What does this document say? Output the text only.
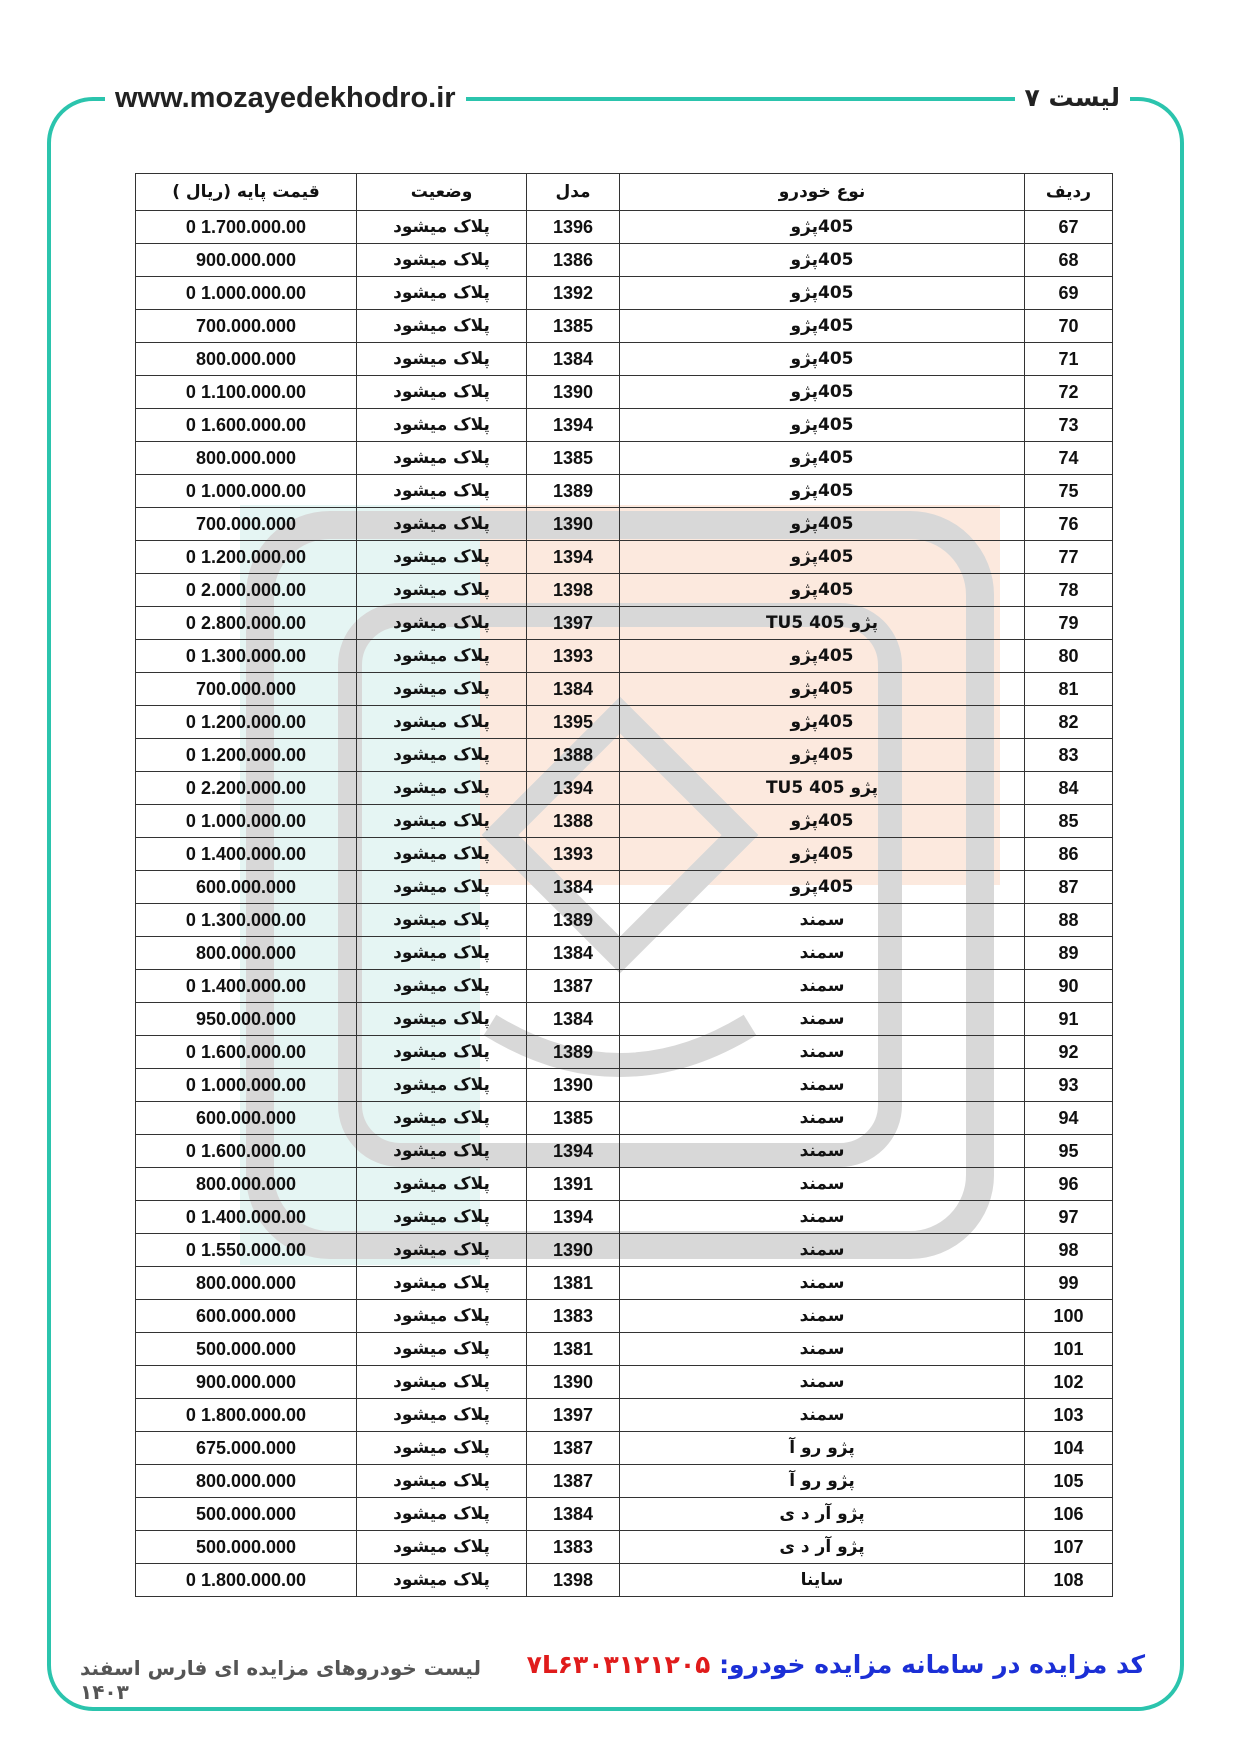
www.mozayedekhodro.ir	لیست ۷
ردیف	نوع خودرو	مدل	وضعیت	قیمت پایه (ریال )
67	405پژو	1396	پلاک میشود	1.700.000.00 0
68	405پژو	1386	پلاک میشود	900.000.000
69	405پژو	1392	پلاک میشود	1.000.000.00 0
70	405پژو	1385	پلاک میشود	700.000.000
71	405پژو	1384	پلاک میشود	800.000.000
72	405پژو	1390	پلاک میشود	1.100.000.00 0
73	405پژو	1394	پلاک میشود	1.600.000.00 0
74	405پژو	1385	پلاک میشود	800.000.000
75	405پژو	1389	پلاک میشود	1.000.000.00 0
76	405پژو	1390	پلاک میشود	700.000.000
77	405پژو	1394	پلاک میشود	1.200.000.00 0
78	405پژو	1398	پلاک میشود	2.000.000.00 0
79	پژو 405 TU5	1397	پلاک میشود	2.800.000.00 0
80	405پژو	1393	پلاک میشود	1.300.000.00 0
81	405پژو	1384	پلاک میشود	700.000.000
82	405پژو	1395	پلاک میشود	1.200.000.00 0
83	405پژو	1388	پلاک میشود	1.200.000.00 0
84	پژو 405 TU5	1394	پلاک میشود	2.200.000.00 0
85	405پژو	1388	پلاک میشود	1.000.000.00 0
86	405پژو	1393	پلاک میشود	1.400.000.00 0
87	405پژو	1384	پلاک میشود	600.000.000
88	سمند	1389	پلاک میشود	1.300.000.00 0
89	سمند	1384	پلاک میشود	800.000.000
90	سمند	1387	پلاک میشود	1.400.000.00 0
91	سمند	1384	پلاک میشود	950.000.000
92	سمند	1389	پلاک میشود	1.600.000.00 0
93	سمند	1390	پلاک میشود	1.000.000.00 0
94	سمند	1385	پلاک میشود	600.000.000
95	سمند	1394	پلاک میشود	1.600.000.00 0
96	سمند	1391	پلاک میشود	800.000.000
97	سمند	1394	پلاک میشود	1.400.000.00 0
98	سمند	1390	پلاک میشود	1.550.000.00 0
99	سمند	1381	پلاک میشود	800.000.000
100	سمند	1383	پلاک میشود	600.000.000
101	سمند	1381	پلاک میشود	500.000.000
102	سمند	1390	پلاک میشود	900.000.000
103	سمند	1397	پلاک میشود	1.800.000.00 0
104	پژو رو آ	1387	پلاک میشود	675.000.000
105	پژو رو آ	1387	پلاک میشود	800.000.000
106	پژو آر د ی	1384	پلاک میشود	500.000.000
107	پژو آر د ی	1383	پلاک میشود	500.000.000
108	ساینا	1398	پلاک میشود	1.800.000.00 0
لیست خودروهای مزایده ای فارس اسفند ۱۴۰۳
کد مزایده در سامانه مزایده خودرو: ۷L۶۳۰۳۱۲۱۲۰۵
